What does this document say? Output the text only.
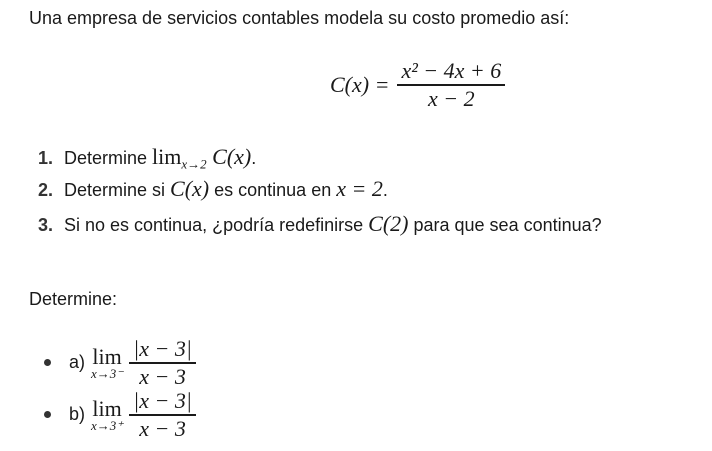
Una empresa de servicios contables modela su costo promedio así:
$C(x) = \frac{\text{x² − 4x + 6}}{x - 2}$
1. Determine $\lim_{x\to 2} C(x)$.
2. Determine si C(x) es continua en x = 2.
3. Si no es continua, ¿podría redefinirse C(2) para que sea continua?
Determine:
a) lim
$x\to 3^- \frac{|x - 3|}{x - 3}$
b) lim
$x\to 3^+ \frac{|x - 3|}{x - 3}$
